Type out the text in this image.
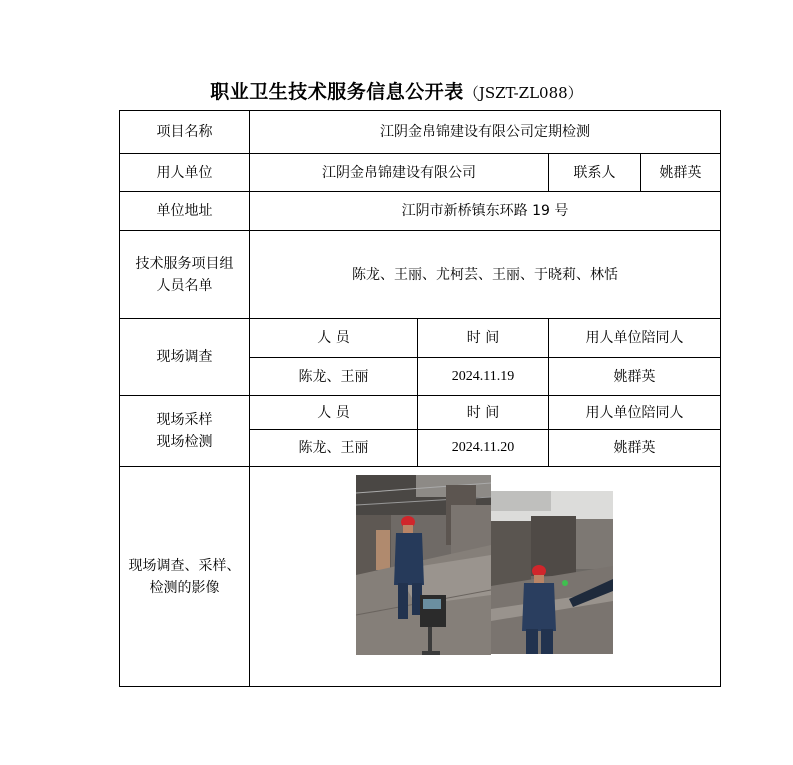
职业卫生技术服务信息公开表（JSZT-ZL088）
项目名称	江阴金帛锦建设有限公司定期检测			
用人单位	江阴金帛锦建设有限公司		联系人	姚群英
单位地址	江阴市新桥镇东环路 19 号			

技术服务项目组
人员名单	陈龙、王丽、尤柯芸、王丽、于晓莉、林恬			
现场调查	人 员	时 间	用人单位陪同人	
	陈龙、王丽	2024.11.19	姚群英	

现场采样
现场检测	人 员	时 间	用人单位陪同人	
	陈龙、王丽	2024.11.20	姚群英	

现场调查、采样、
检测的影像
